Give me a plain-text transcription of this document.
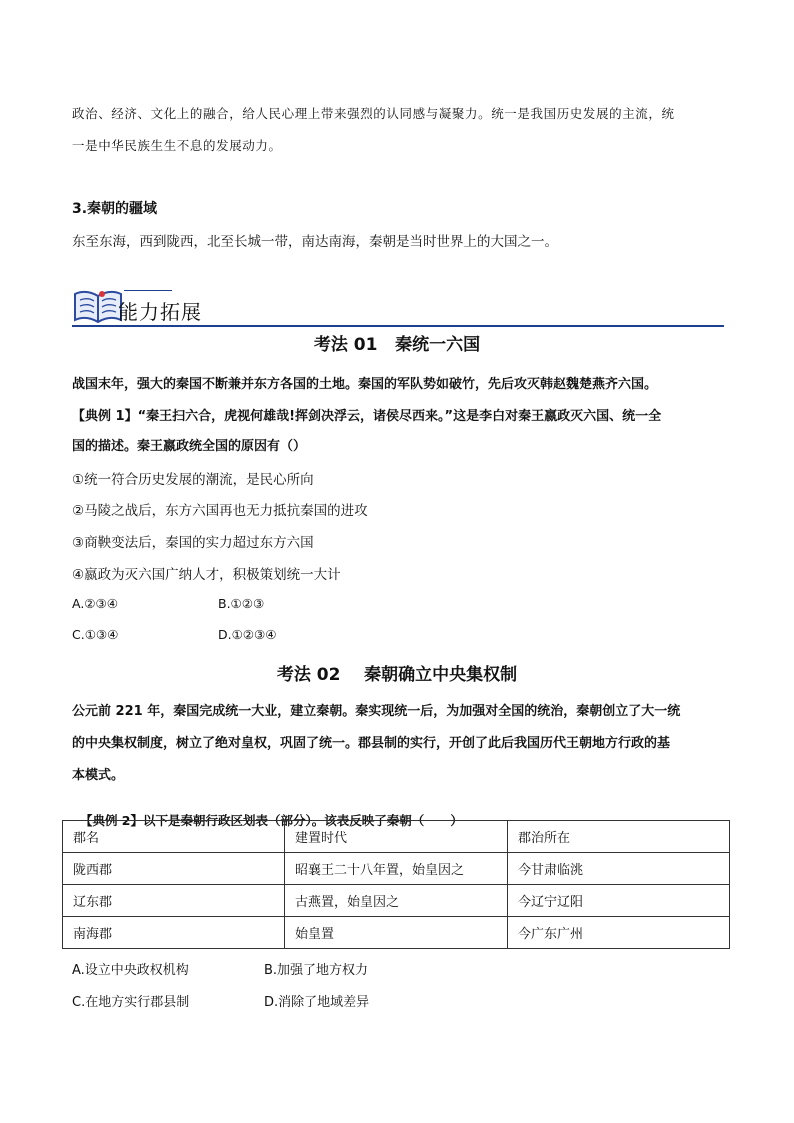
政治、经济、文化上的融合，给人民心理上带来强烈的认同感与凝聚力。统一是我国历史发展的主流，统
一是中华民族生生不息的发展动力。
3.秦朝的疆域
东至东海，西到陇西，北至长城一带，南达南海，秦朝是当时世界上的大国之一。
能力拓展
考法 01   秦统一六国
战国末年，强大的秦国不断兼并东方各国的土地。秦国的军队势如破竹，先后攻灭韩赵魏楚燕齐六国。
【典例 1】“秦王扫六合，虎视何雄哉!挥剑决浮云，诸侯尽西来。”这是李白对秦王嬴政灭六国、统一全
国的描述。秦王嬴政统全国的原因有（）
①统一符合历史发展的潮流，是民心所向
②马陵之战后，东方六国再也无力抵抗秦国的进攻
③商鞅变法后，秦国的实力超过东方六国
④嬴政为灭六国广纳人才，积极策划统一大计
A.②③④	B.①②③
C.①③④	D.①②③④
考法 02    秦朝确立中央集权制
公元前 221 年，秦国完成统一大业，建立秦朝。秦实现统一后，为加强对全国的统治，秦朝创立了大一统
的中央集权制度，树立了绝对皇权，巩固了统一。郡县制的实行，开创了此后我国历代王朝地方行政的基
本模式。

【典例 2】以下是秦朝行政区划表（部分）。该表反映了秦朝（      ）

郡名	建置时代	郡治所在
陇西郡	昭襄王二十八年置，始皇因之	今甘肃临洮
辽东郡	古燕置，始皇因之	今辽宁辽阳
南海郡	始皇置	今广东广州
A.设立中央政权机构	B.加强了地方权力
C.在地方实行郡县制	D.消除了地域差异
